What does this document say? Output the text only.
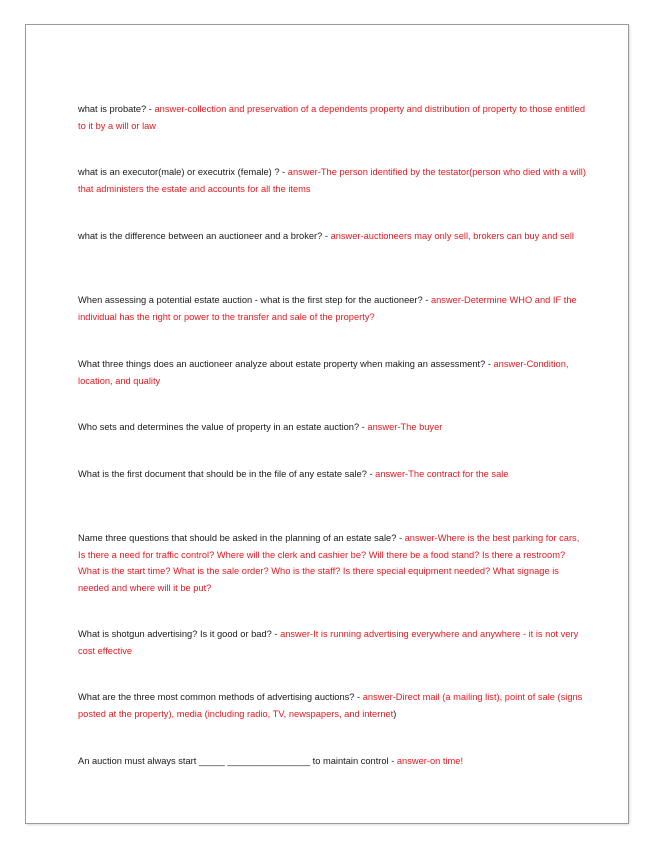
what is probate? - answer-collection and preservation of a dependents property and distribution of property to those entitled to it by a will or law

what is an executor(male) or executrix (female) ? - answer-The person identified by the testator(person who died with a will) that administers the estate and accounts for all the items

what is the difference between an auctioneer and a broker? - answer-auctioneers may only sell, brokers can buy and sell

When assessing a potential estate auction - what is the first step for the auctioneer? - answer-Determine WHO and IF the individual has the right or power to the transfer and sale of the property?

What three things does an auctioneer analyze about estate property when making an assessment? - answer-Condition, location, and quality

Who sets and determines the value of property in an estate auction? - answer-The buyer

What is the first document that should be in the file of any estate sale? - answer-The contract for the sale

Name three questions that should be asked in the planning of an estate sale? - answer-Where is the best parking for cars, Is there a need for traffic control? Where will the clerk and cashier be? Will there be a food stand? Is there a restroom? What is the start time? What is the sale order? Who is the staff? Is there special equipment needed? What signage is needed and where will it be put?

What is shotgun advertising? Is it good or bad? - answer-It is running advertising everywhere and anywhere - it is not very cost effective

What are the three most common methods of advertising auctions? - answer-Direct mail (a mailing list), point of sale (signs posted at the property), media (including radio, TV, newspapers, and internet)

An auction must always start _____ ________________ to maintain control - answer-on time!
